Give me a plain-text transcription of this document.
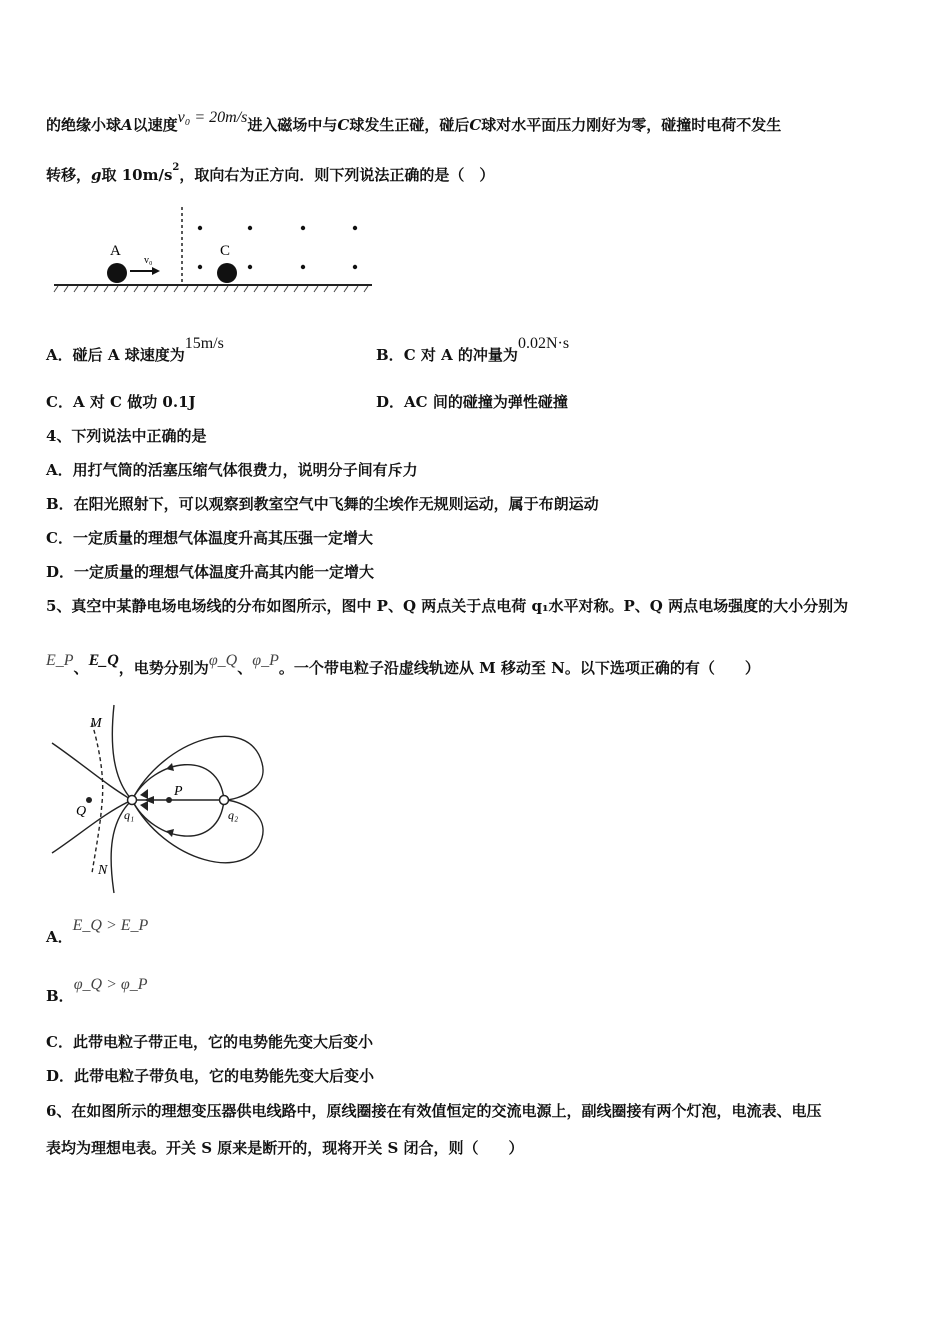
的绝缘小球A以速度v₀ = 20m/s进入磁场中与C球发生正碰，碰后C球对水平面压力刚好为零，碰撞时电荷不发生
转移，g取 $10m/s^2$，取向右为正方向．则下列说法正确的是（　）
A
v₀
C
A．碰后 A 球速度为15m/s
B．C 对 A 的冲量为0.02N·s
C．A 对 C 做功 0.1J	D．AC 间的碰撞为弹性碰撞
4、下列说法中正确的是
A．用打气筒的活塞压缩气体很费力，说明分子间有斥力
B．在阳光照射下，可以观察到教室空气中飞舞的尘埃作无规则运动，属于布朗运动
C．一定质量的理想气体温度升高其压强一定增大
D．一定质量的理想气体温度升高其内能一定增大
5、真空中某静电场电场线的分布如图所示，图中 P、Q 两点关于点电荷 q₁水平对称。P、Q 两点电场强度的大小分别为
E_P、E_Q，电势分别为φ_Q、φ_P。一个带电粒子沿虚线轨迹从 M 移动至 N。以下选项正确的有（　　）
M
N
P
Q	q₁	q₂
A．E_Q > E_P
B．φ_Q > φ_P
C．此带电粒子带正电，它的电势能先变大后变小
D．此带电粒子带负电，它的电势能先变大后变小
6、在如图所示的理想变压器供电线路中，原线圈接在有效值恒定的交流电源上，副线圈接有两个灯泡，电流表、电压
表均为理想电表。开关 S 原来是断开的，现将开关 S 闭合，则（　　）
